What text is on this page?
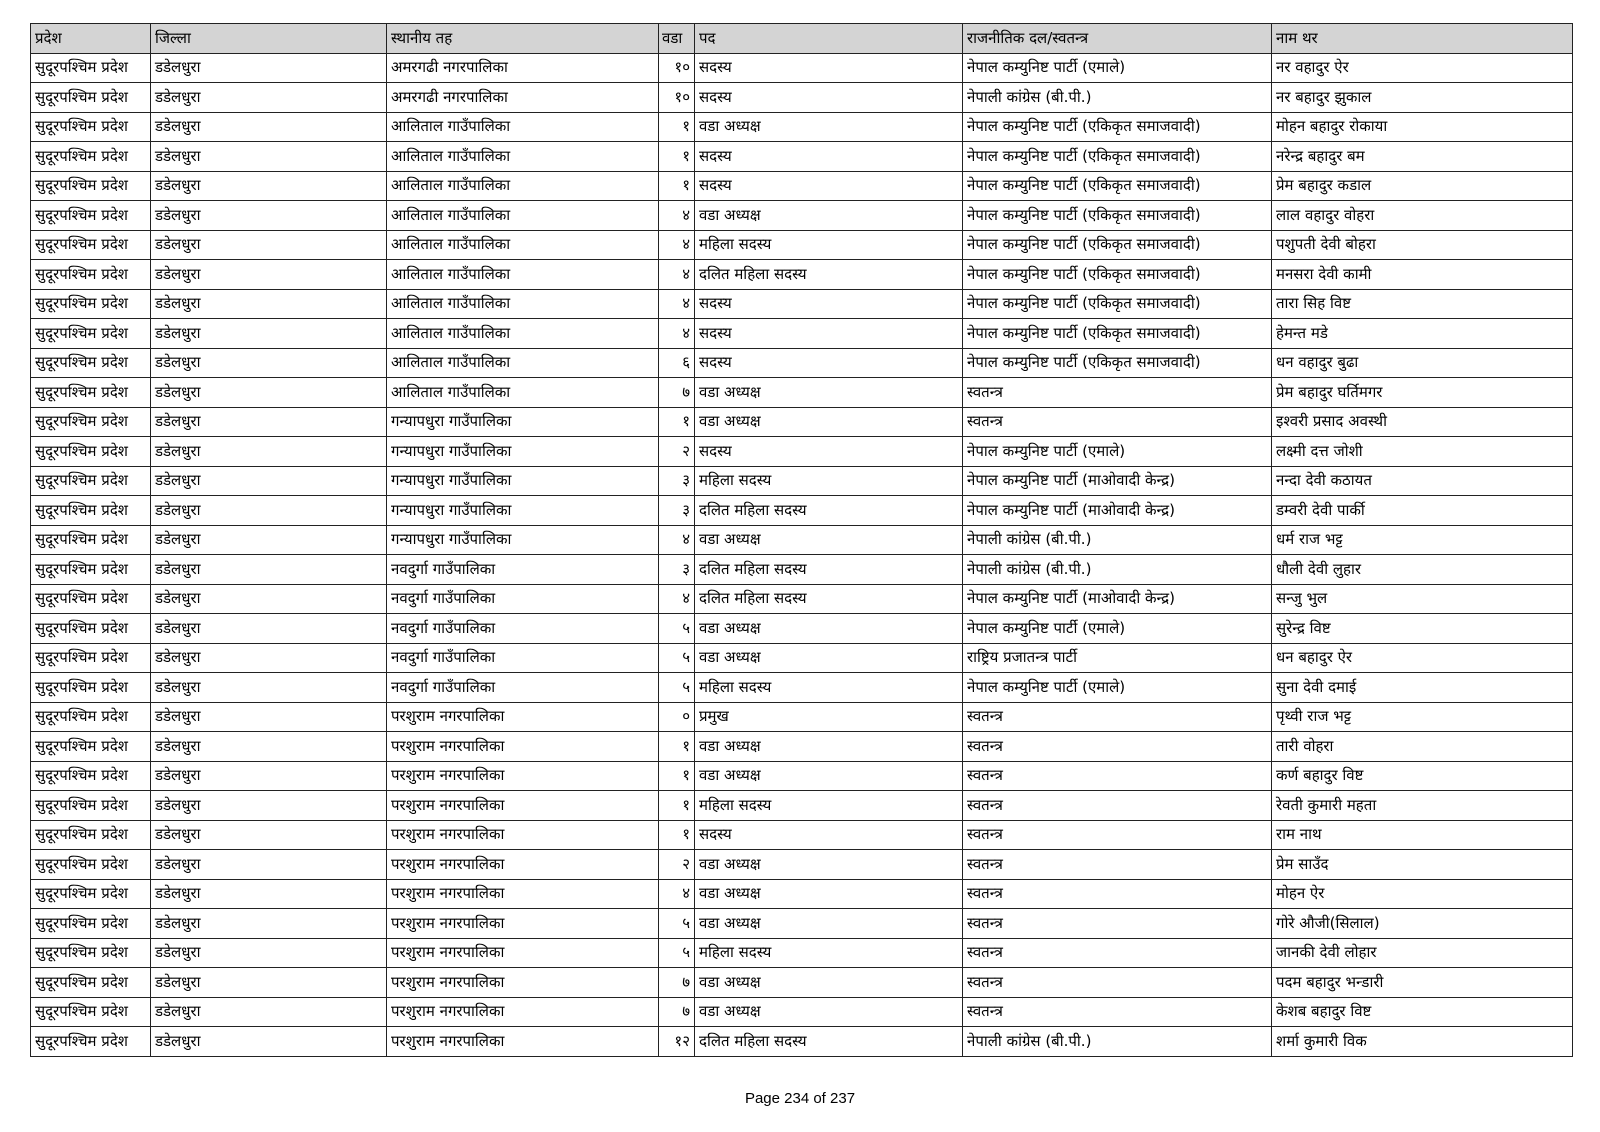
प्रदेश	जिल्ला	स्थानीय तह	वडा	पद	राजनीतिक दल/स्वतन्त्र	नाम थर
सुदूरपश्चिम प्रदेश	डडेलधुरा	अमरगढी नगरपालिका	१०	सदस्य	नेपाल कम्युनिष्ट पार्टी (एमाले)	नर वहादुर ऐर
सुदूरपश्चिम प्रदेश	डडेलधुरा	अमरगढी नगरपालिका	१०	सदस्य	नेपाली कांग्रेस (बी.पी.)	नर बहादुर झुकाल
सुदूरपश्चिम प्रदेश	डडेलधुरा	आलिताल गाउँपालिका	१	वडा अध्यक्ष	नेपाल कम्युनिष्ट पार्टी (एकिकृत समाजवादी)	मोहन बहादुर रोकाया
सुदूरपश्चिम प्रदेश	डडेलधुरा	आलिताल गाउँपालिका	१	सदस्य	नेपाल कम्युनिष्ट पार्टी (एकिकृत समाजवादी)	नरेन्द्र बहादुर बम
सुदूरपश्चिम प्रदेश	डडेलधुरा	आलिताल गाउँपालिका	१	सदस्य	नेपाल कम्युनिष्ट पार्टी (एकिकृत समाजवादी)	प्रेम बहादुर कडाल
सुदूरपश्चिम प्रदेश	डडेलधुरा	आलिताल गाउँपालिका	४	वडा अध्यक्ष	नेपाल कम्युनिष्ट पार्टी (एकिकृत समाजवादी)	लाल वहादुर वोहरा
सुदूरपश्चिम प्रदेश	डडेलधुरा	आलिताल गाउँपालिका	४	महिला सदस्य	नेपाल कम्युनिष्ट पार्टी (एकिकृत समाजवादी)	पशुपती देवी बोहरा
सुदूरपश्चिम प्रदेश	डडेलधुरा	आलिताल गाउँपालिका	४	दलित महिला सदस्य	नेपाल कम्युनिष्ट पार्टी (एकिकृत समाजवादी)	मनसरा देवी कामी
सुदूरपश्चिम प्रदेश	डडेलधुरा	आलिताल गाउँपालिका	४	सदस्य	नेपाल कम्युनिष्ट पार्टी (एकिकृत समाजवादी)	तारा सिह विष्ट
सुदूरपश्चिम प्रदेश	डडेलधुरा	आलिताल गाउँपालिका	४	सदस्य	नेपाल कम्युनिष्ट पार्टी (एकिकृत समाजवादी)	हेमन्त मडे
सुदूरपश्चिम प्रदेश	डडेलधुरा	आलिताल गाउँपालिका	६	सदस्य	नेपाल कम्युनिष्ट पार्टी (एकिकृत समाजवादी)	धन वहादुर बुढा
सुदूरपश्चिम प्रदेश	डडेलधुरा	आलिताल गाउँपालिका	७	वडा अध्यक्ष	स्वतन्त्र	प्रेम बहादुर घर्तिमगर
सुदूरपश्चिम प्रदेश	डडेलधुरा	गन्यापधुरा गाउँपालिका	१	वडा अध्यक्ष	स्वतन्त्र	इश्वरी प्रसाद अवस्थी
सुदूरपश्चिम प्रदेश	डडेलधुरा	गन्यापधुरा गाउँपालिका	२	सदस्य	नेपाल कम्युनिष्ट पार्टी (एमाले)	लक्ष्मी दत्त जोशी
सुदूरपश्चिम प्रदेश	डडेलधुरा	गन्यापधुरा गाउँपालिका	३	महिला सदस्य	नेपाल कम्युनिष्ट पार्टी (माओवादी केन्द्र)	नन्दा देवी कठायत
सुदूरपश्चिम प्रदेश	डडेलधुरा	गन्यापधुरा गाउँपालिका	३	दलित महिला सदस्य	नेपाल कम्युनिष्ट पार्टी (माओवादी केन्द्र)	डम्वरी देवी पार्की
सुदूरपश्चिम प्रदेश	डडेलधुरा	गन्यापधुरा गाउँपालिका	४	वडा अध्यक्ष	नेपाली कांग्रेस (बी.पी.)	धर्म राज भट्ट
सुदूरपश्चिम प्रदेश	डडेलधुरा	नवदुर्गा गाउँपालिका	३	दलित महिला सदस्य	नेपाली कांग्रेस (बी.पी.)	धौली देवी लुहार
सुदूरपश्चिम प्रदेश	डडेलधुरा	नवदुर्गा गाउँपालिका	४	दलित महिला सदस्य	नेपाल कम्युनिष्ट पार्टी (माओवादी केन्द्र)	सन्जु भुल
सुदूरपश्चिम प्रदेश	डडेलधुरा	नवदुर्गा गाउँपालिका	५	वडा अध्यक्ष	नेपाल कम्युनिष्ट पार्टी (एमाले)	सुरेन्द्र विष्ट
सुदूरपश्चिम प्रदेश	डडेलधुरा	नवदुर्गा गाउँपालिका	५	वडा अध्यक्ष	राष्ट्रिय प्रजातन्त्र पार्टी	धन बहादुर ऐर
सुदूरपश्चिम प्रदेश	डडेलधुरा	नवदुर्गा गाउँपालिका	५	महिला सदस्य	नेपाल कम्युनिष्ट पार्टी (एमाले)	सुना देवी दमाई
सुदूरपश्चिम प्रदेश	डडेलधुरा	परशुराम नगरपालिका	०	प्रमुख	स्वतन्त्र	पृथ्वी राज भट्ट
सुदूरपश्चिम प्रदेश	डडेलधुरा	परशुराम नगरपालिका	१	वडा अध्यक्ष	स्वतन्त्र	तारी वोहरा
सुदूरपश्चिम प्रदेश	डडेलधुरा	परशुराम नगरपालिका	१	वडा अध्यक्ष	स्वतन्त्र	कर्ण बहादुर विष्ट
सुदूरपश्चिम प्रदेश	डडेलधुरा	परशुराम नगरपालिका	१	महिला सदस्य	स्वतन्त्र	रेवती कुमारी महता
सुदूरपश्चिम प्रदेश	डडेलधुरा	परशुराम नगरपालिका	१	सदस्य	स्वतन्त्र	राम नाथ
सुदूरपश्चिम प्रदेश	डडेलधुरा	परशुराम नगरपालिका	२	वडा अध्यक्ष	स्वतन्त्र	प्रेम साउँद
सुदूरपश्चिम प्रदेश	डडेलधुरा	परशुराम नगरपालिका	४	वडा अध्यक्ष	स्वतन्त्र	मोहन ऐर
सुदूरपश्चिम प्रदेश	डडेलधुरा	परशुराम नगरपालिका	५	वडा अध्यक्ष	स्वतन्त्र	गोरे औजी(सिलाल)
सुदूरपश्चिम प्रदेश	डडेलधुरा	परशुराम नगरपालिका	५	महिला सदस्य	स्वतन्त्र	जानकी देवी लोहार
सुदूरपश्चिम प्रदेश	डडेलधुरा	परशुराम नगरपालिका	७	वडा अध्यक्ष	स्वतन्त्र	पदम बहादुर भन्डारी
सुदूरपश्चिम प्रदेश	डडेलधुरा	परशुराम नगरपालिका	७	वडा अध्यक्ष	स्वतन्त्र	केशब बहादुर विष्ट
सुदूरपश्चिम प्रदेश	डडेलधुरा	परशुराम नगरपालिका	१२	दलित महिला सदस्य	नेपाली कांग्रेस (बी.पी.)	शर्मा कुमारी विक
Page 234 of 237
